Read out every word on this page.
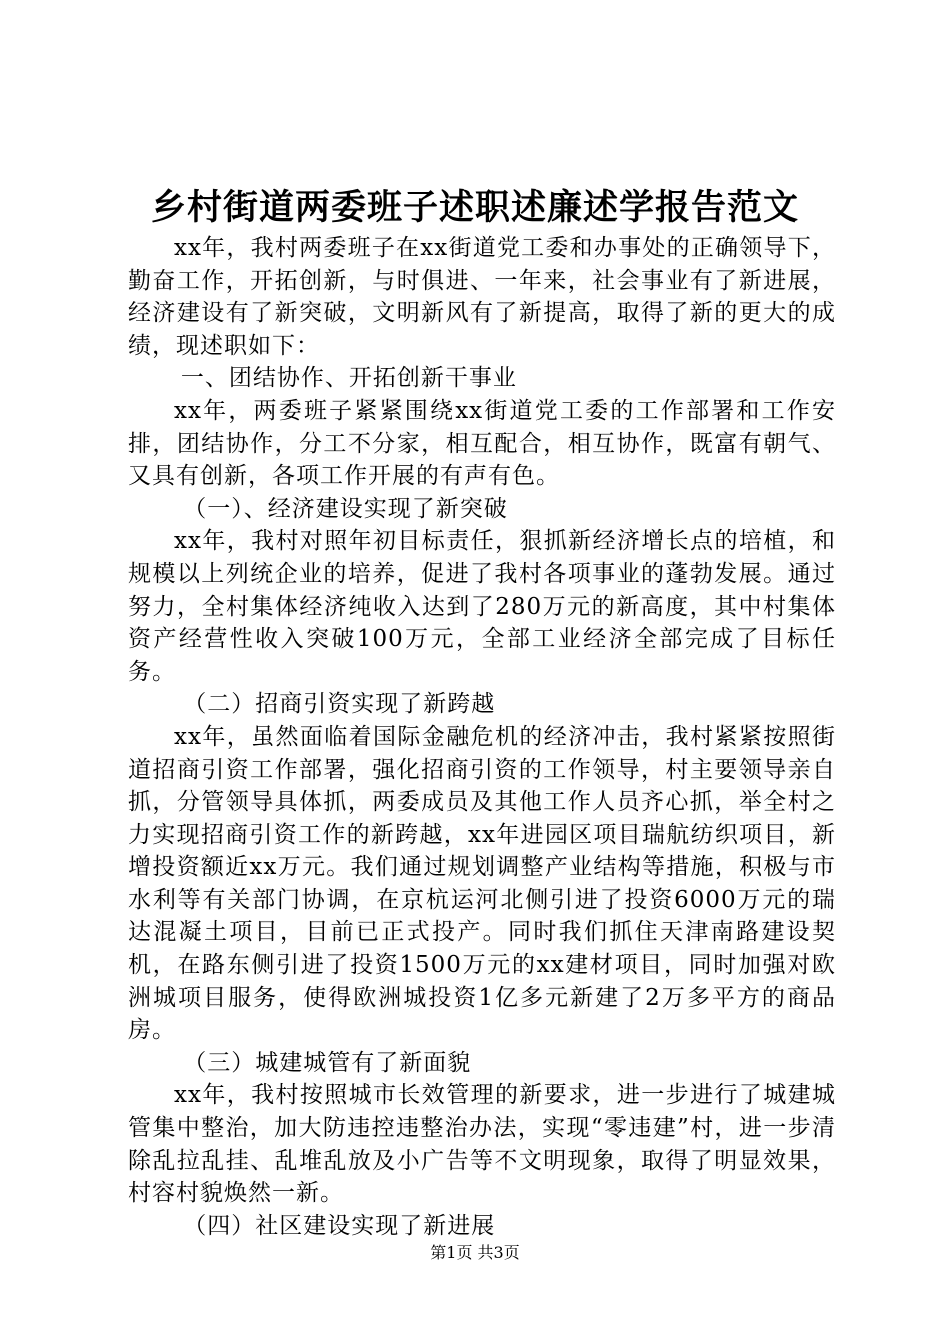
乡村街道两委班子述职述廉述学报告范文

xx年，我村两委班子在xx街道党工委和办事处的正确领导下，勤奋工作，开拓创新，与时俱进、一年来，社会事业有了新进展，经济建设有了新突破，文明新风有了新提高，取得了新的更大的成绩，现述职如下：

一、团结协作、开拓创新干事业

xx年，两委班子紧紧围绕xx街道党工委的工作部署和工作安排，团结协作，分工不分家，相互配合，相互协作，既富有朝气、又具有创新，各项工作开展的有声有色。

（一）、经济建设实现了新突破

xx年，我村对照年初目标责任，狠抓新经济增长点的培植，和规模以上列统企业的培养，促进了我村各项事业的蓬勃发展。通过努力，全村集体经济纯收入达到了280万元的新高度，其中村集体资产经营性收入突破100万元，全部工业经济全部完成了目标任务。

（二）招商引资实现了新跨越

xx年，虽然面临着国际金融危机的经济冲击，我村紧紧按照街道招商引资工作部署，强化招商引资的工作领导，村主要领导亲自抓，分管领导具体抓，两委成员及其他工作人员齐心抓，举全村之力实现招商引资工作的新跨越，xx年进园区项目瑞航纺织项目，新增投资额近xx万元。我们通过规划调整产业结构等措施，积极与市水利等有关部门协调，在京杭运河北侧引进了投资6000万元的瑞达混凝土项目，目前已正式投产。同时我们抓住天津南路建设契机，在路东侧引进了投资1500万元的xx建材项目，同时加强对欧洲城项目服务，使得欧洲城投资1亿多元新建了2万多平方的商品房。

（三）城建城管有了新面貌

xx年，我村按照城市长效管理的新要求，进一步进行了城建城管集中整治，加大防违控违整治办法，实现“零违建”村，进一步清除乱拉乱挂、乱堆乱放及小广告等不文明现象，取得了明显效果，村容村貌焕然一新。

（四）社区建设实现了新进展

第1页 共3页
